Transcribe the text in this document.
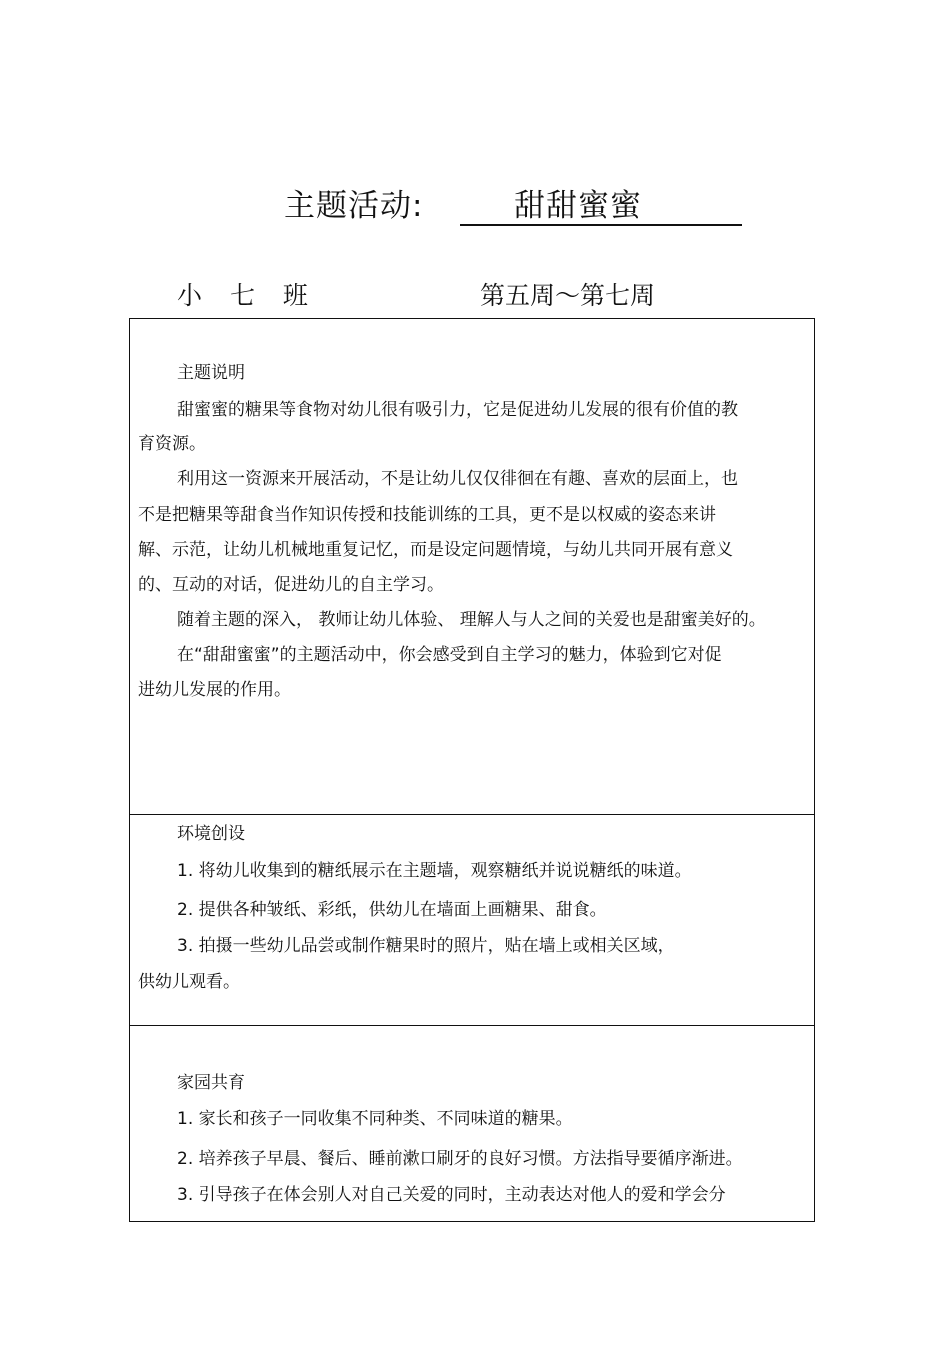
主题活动:	甜甜蜜蜜
小 七 班	第五周～第七周
主题说明
甜蜜蜜的糖果等食物对幼儿很有吸引力，它是促进幼儿发展的很有价值的教
育资源。
利用这一资源来开展活动，不是让幼儿仅仅徘徊在有趣、喜欢的层面上，也
不是把糖果等甜食当作知识传授和技能训练的工具，更不是以权威的姿态来讲
解、示范，让幼儿机械地重复记忆，而是设定问题情境，与幼儿共同开展有意义
的、互动的对话，促进幼儿的自主学习。
随着主题的深入， 教师让幼儿体验、 理解人与人之间的关爱也是甜蜜美好的。
在“甜甜蜜蜜”的主题活动中，你会感受到自主学习的魅力，体验到它对促
进幼儿发展的作用。
环境创设
1. 将幼儿收集到的糖纸展示在主题墙，观察糖纸并说说糖纸的味道。
2. 提供各种皱纸、彩纸，供幼儿在墙面上画糖果、甜食。
3. 拍摄一些幼儿品尝或制作糖果时的照片，贴在墙上或相关区域，
供幼儿观看。
家园共育
1. 家长和孩子一同收集不同种类、不同味道的糖果。
2. 培养孩子早晨、餐后、睡前漱口刷牙的良好习惯。方法指导要循序渐进。
3. 引导孩子在体会别人对自己关爱的同时，主动表达对他人的爱和学会分
